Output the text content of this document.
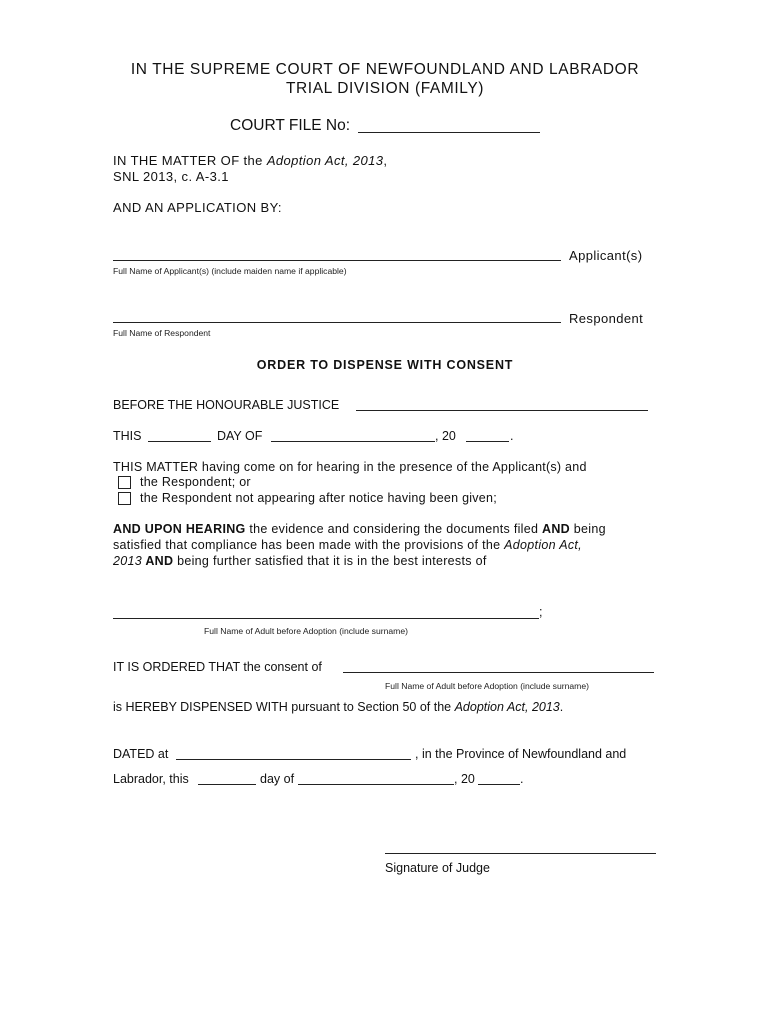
IN THE SUPREME COURT OF NEWFOUNDLAND AND LABRADOR
TRIAL DIVISION (FAMILY)
COURT FILE No:
IN THE MATTER OF the Adoption Act, 2013,
SNL 2013, c. A-3.1
AND AN APPLICATION BY:
Applicant(s)
Full Name of Applicant(s) (include maiden name if applicable)
Respondent
Full Name of Respondent
ORDER TO DISPENSE WITH CONSENT
BEFORE THE HONOURABLE JUSTICE
THIS	DAY OF	, 20	.
THIS MATTER having come on for hearing in the presence of the Applicant(s) and
the Respondent; or
the Respondent not appearing after notice having been given;
AND UPON HEARING the evidence and considering the documents filed AND being
satisfied that compliance has been made with the provisions of the Adoption Act,
2013 AND being further satisfied that it is in the best interests of
;
Full Name of Adult before Adoption (include surname)
IT IS ORDERED THAT the consent of
Full Name of Adult before Adoption (include surname)
is HEREBY DISPENSED WITH pursuant to Section 50 of the Adoption Act, 2013.
DATED at	, in the Province of Newfoundland and
Labrador, this	day of	, 20	.
Signature of Judge
